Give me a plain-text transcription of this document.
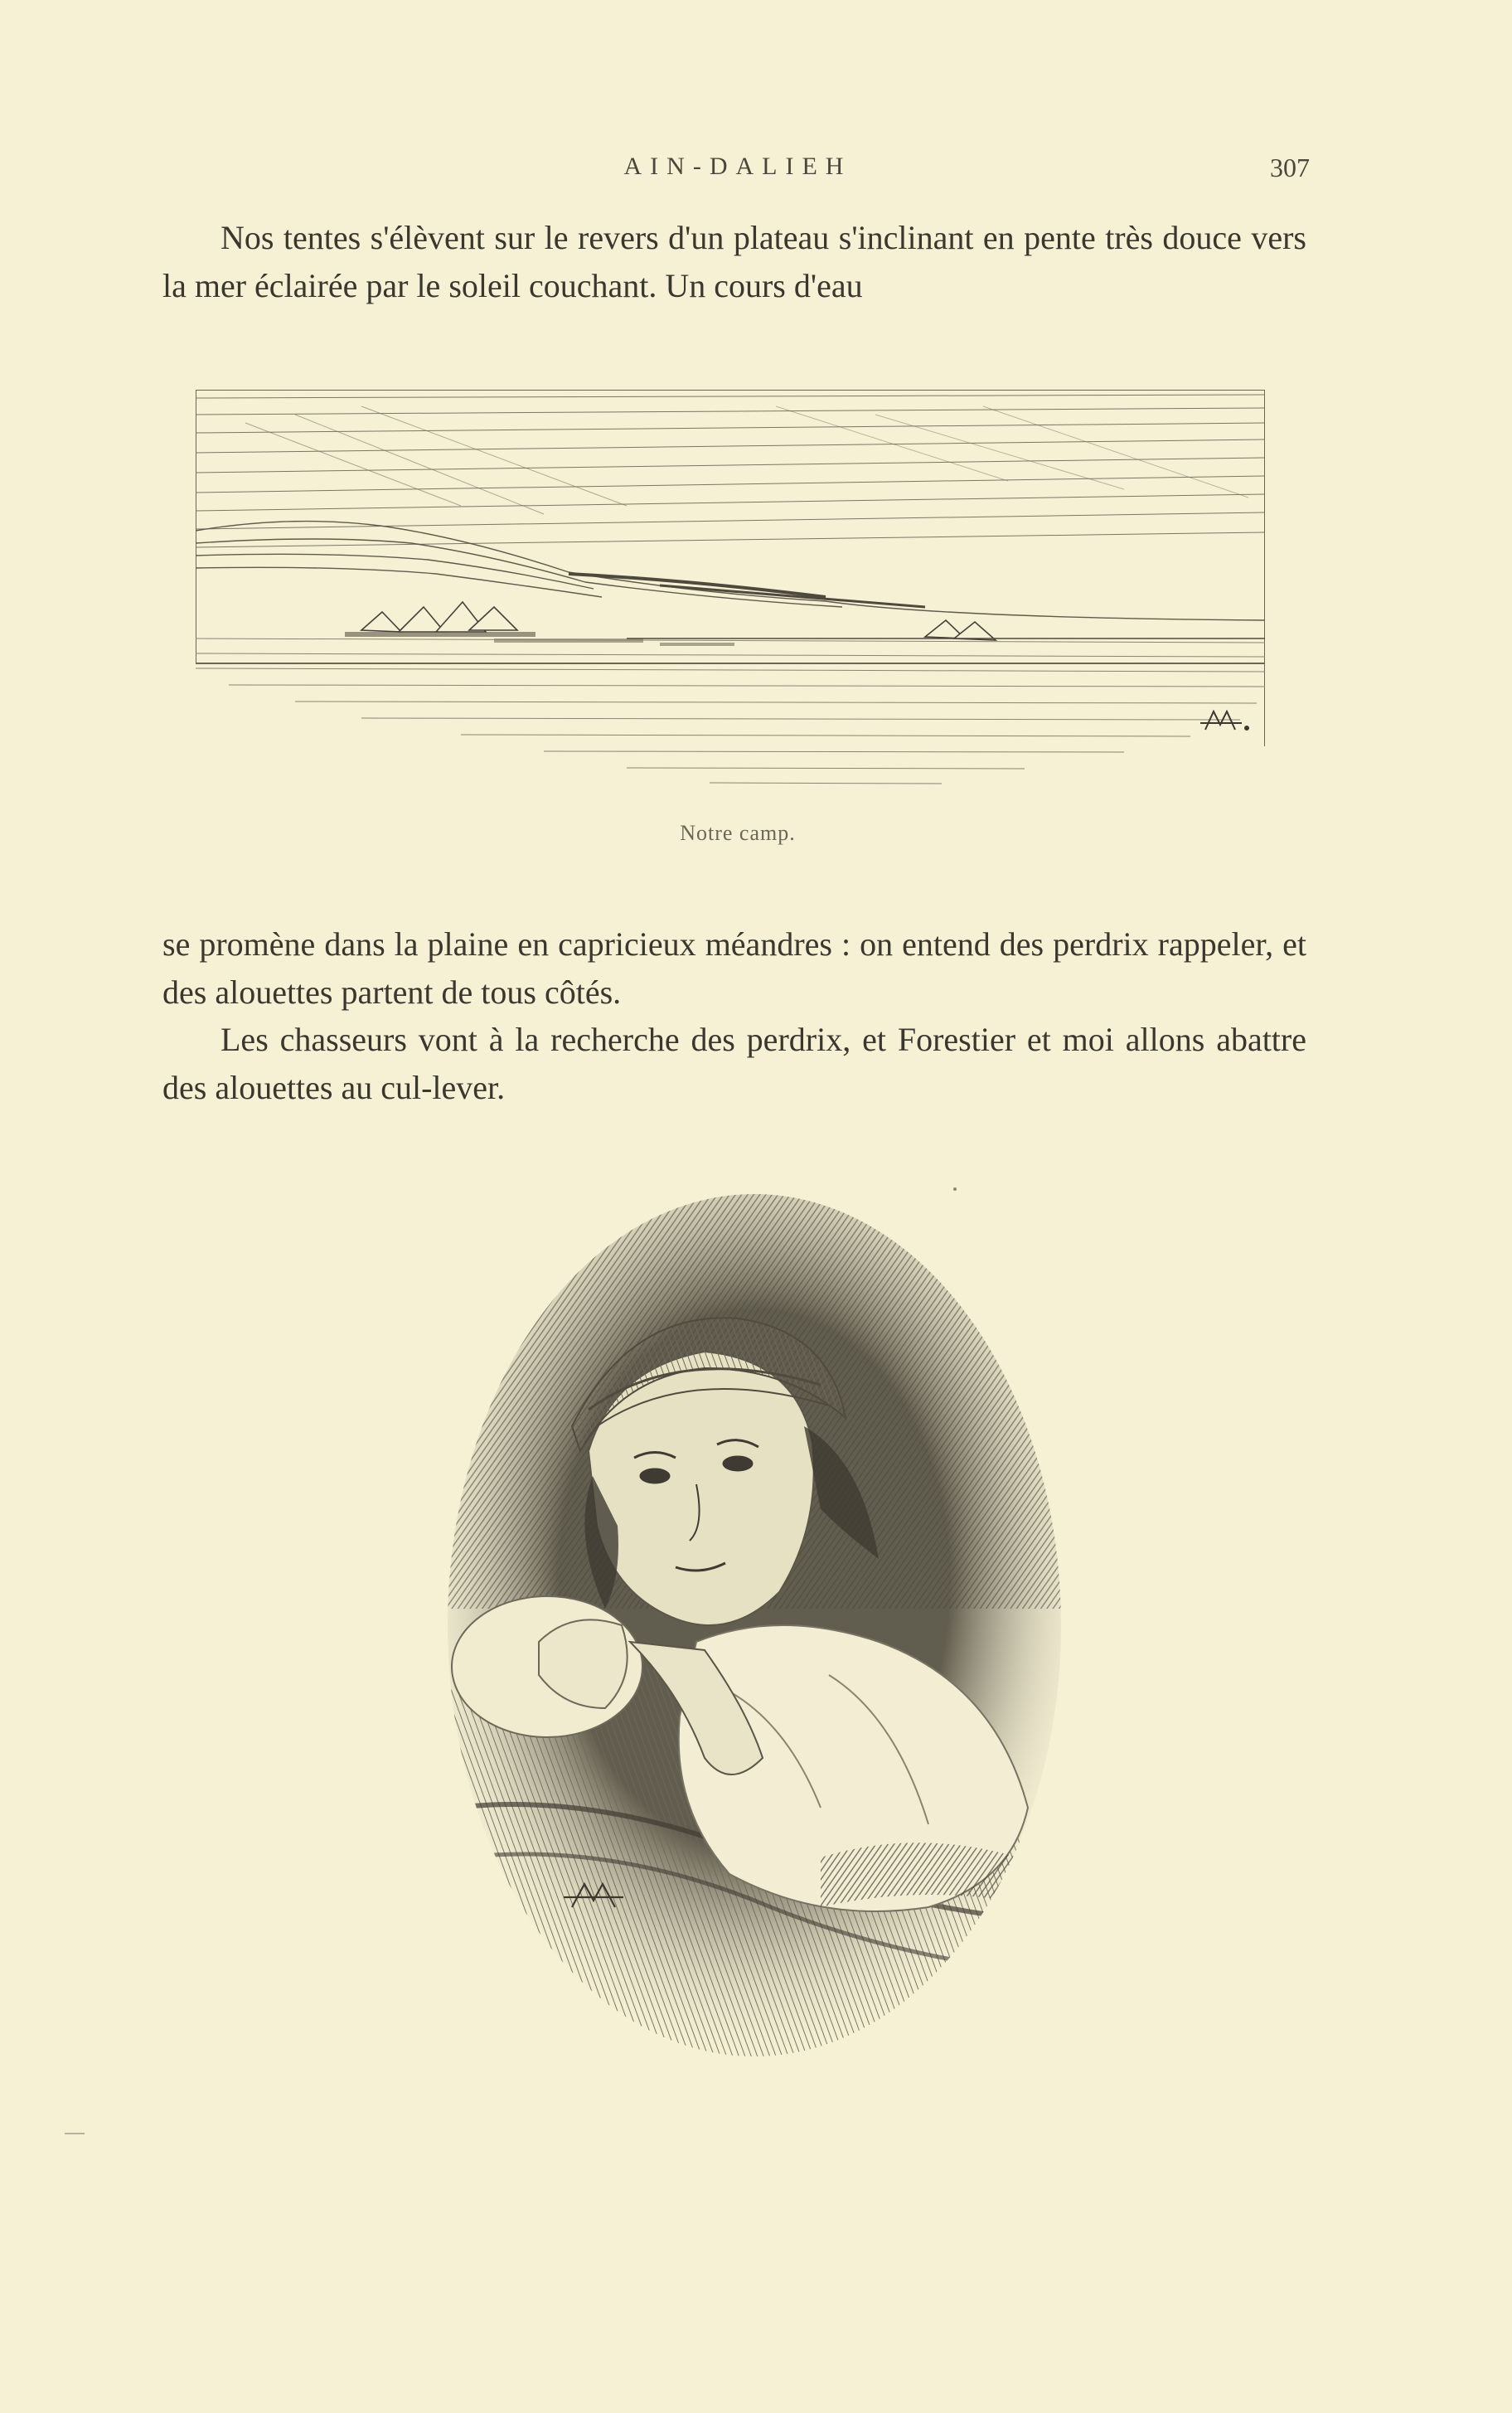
AIN-DALIEH	307

Nos tentes s'élèvent sur le revers d'un plateau s'inclinant en pente très douce vers la mer éclairée par le soleil couchant. Un cours d'eau

Notre camp.

se promène dans la plaine en capricieux méandres : on entend des perdrix rappeler, et des alouettes partent de tous côtés.

Les chasseurs vont à la recherche des perdrix, et Forestier et moi allons abattre des alouettes au cul-lever.
